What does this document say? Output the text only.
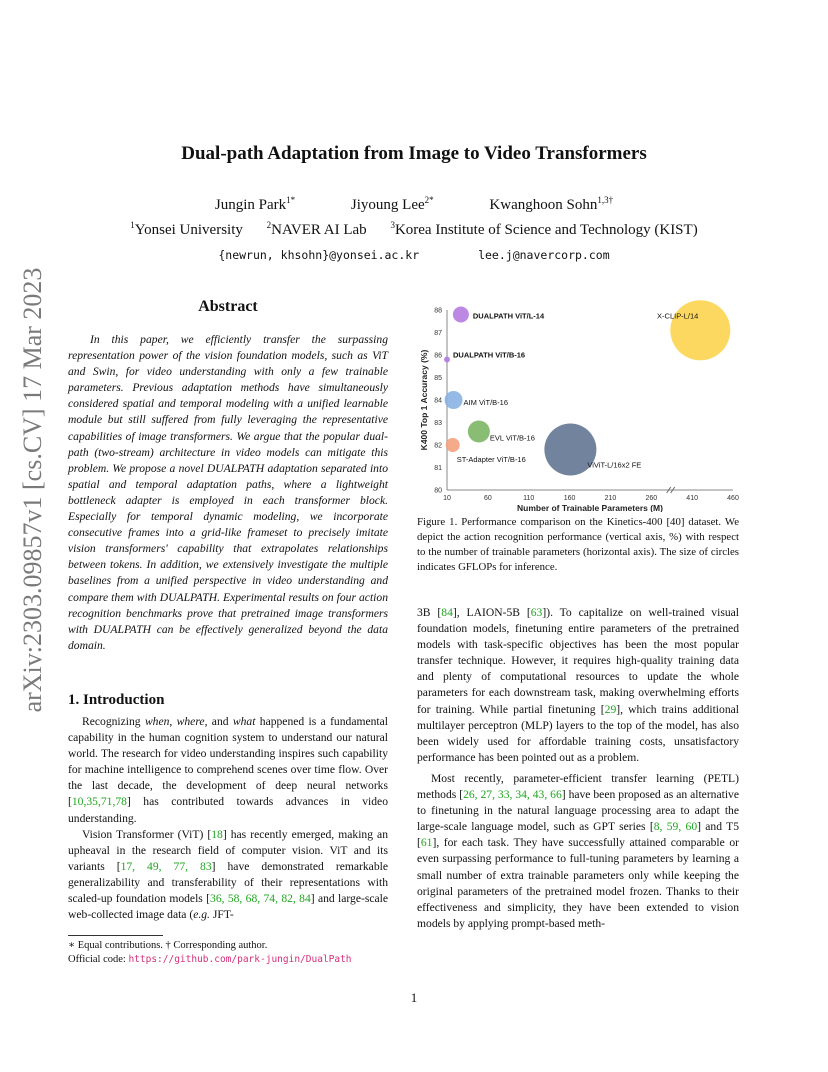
arXiv:2303.09857v1 [cs.CV] 17 Mar 2023
Dual-path Adaptation from Image to Video Transformers
Jungin Park$^{1*}$	Jiyoung Lee$^{2*}$	Kwanghoon Sohn$^{1,3\dagger}$
$^1$Yonsei University	$^2$NAVER AI Lab	$^3$Korea Institute of Science and Technology (KIST)
{newrun, khsohn}@yonsei.ac.kr	lee.j@navercorp.com
Abstract

In this paper, we efficiently transfer the surpassing representation power of the vision foundation models, such as ViT and Swin, for video understanding with only a few trainable parameters. Previous adaptation methods have simultaneously considered spatial and temporal modeling with a unified learnable module but still suffered from fully leveraging the representative capabilities of image transformers. We argue that the popular dual-path (two-stream) architecture in video models can mitigate this problem. We propose a novel DUALPATH adaptation separated into spatial and temporal adaptation paths, where a lightweight bottleneck adapter is employed in each transformer block. Especially for temporal dynamic modeling, we incorporate consecutive frames into a grid-like frameset to precisely imitate vision transformers' capability that extrapolates relationships between tokens. In addition, we extensively investigate the multiple baselines from a unified perspective in video understanding and compare them with DUALPATH. Experimental results on four action recognition benchmarks prove that pretrained image transformers with DUALPATH can be effectively generalized beyond the data domain.

1. Introduction

Recognizing when, where, and what happened is a fundamental capability in the human cognition system to understand our natural world. The research for video understanding inspires such capability for machine intelligence to comprehend scenes over time flow. Over the last decade, the development of deep neural networks [10,35,71,78] has contributed towards advances in video understanding.

Vision Transformer (ViT) [18] has recently emerged, making an upheaval in the research field of computer vision. ViT and its variants [17, 49, 77, 83] have demonstrated remarkable generalizability and transferability of their representations with scaled-up foundation models [36, 58, 68, 74, 82, 84] and large-scale web-collected image data (e.g. JFT-

∗ Equal contributions. † Corresponding author.
Official code: https://github.com/park-jungin/DualPath
10	60	110	160	210	260	410	460
80
81
82
83
84
85
86
87
88
Number of Trainable Parameters (M)
K400 Top 1 Accuracy (%)
DUALPATH ViT/L-14	X-CLIP-L/14
DUALPATH ViT/B-16
AIM ViT/B-16
EVL ViT/B-16
ST-Adapter ViT/B-16
ViViT-L/16x2 FE
Figure 1. Performance comparison on the Kinetics-400 [40] dataset. We depict the action recognition performance (vertical axis, %) with respect to the number of trainable parameters (horizontal axis). The size of circles indicates GFLOPs for inference.

3B [84], LAION-5B [63]). To capitalize on well-trained visual foundation models, finetuning entire parameters of the pretrained models with task-specific objectives has been the most popular transfer technique. However, it requires high-quality training data and plenty of computational resources to update the whole parameters for each downstream task, making overwhelming efforts for training. While partial finetuning [29], which trains additional multilayer perceptron (MLP) layers to the top of the model, has also been widely used for affordable training costs, unsatisfactory performance has been pointed out as a problem.

Most recently, parameter-efficient transfer learning (PETL) methods [26, 27, 33, 34, 43, 66] have been proposed as an alternative to finetuning in the natural language processing area to adapt the large-scale language model, such as GPT series [8, 59, 60] and T5 [61], for each task. They have successfully attained comparable or even surpassing performance to full-tuning parameters by learning a small number of extra trainable parameters only while keeping the original parameters of the pretrained model frozen. Thanks to their effectiveness and simplicity, they have been extended to vision models by applying prompt-based meth-

1
